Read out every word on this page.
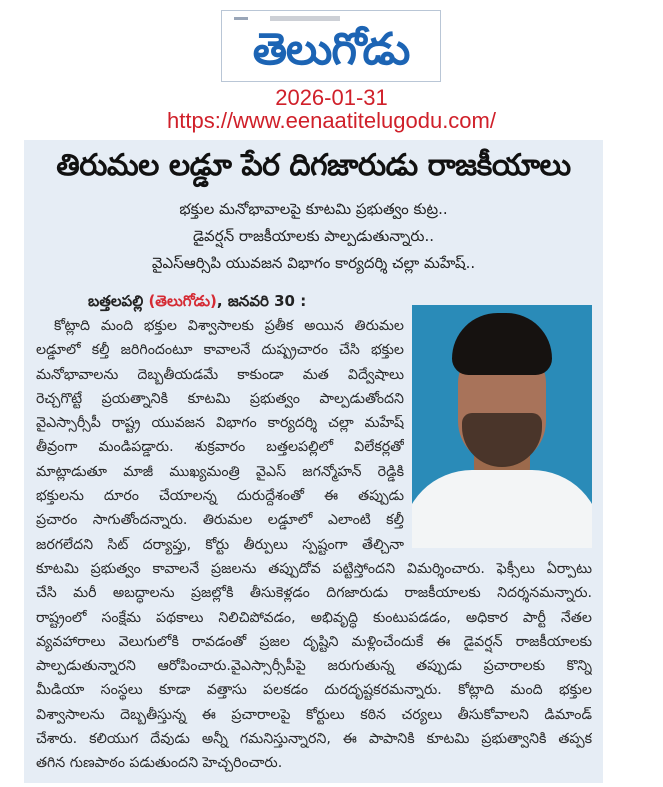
తెలుగోడు
2026-01-31
https://www.eenaatitelugodu.com/
తిరుమల లడ్డూ పేర దిగజారుడు రాజకీయాలు
భక్తుల మనోభావాలపై కూటమి ప్రభుత్వం కుట్ర..
డైవర్షన్ రాజకీయాలకు పాల్పడుతున్నారు..
వైఎస్ఆర్సిపి యువజన విభాగం కార్యదర్శి చల్లా మహేష్..
బత్తలపల్లి (తెలుగోడు), జనవరి 30 :
కోట్లాది మంది భక్తుల విశ్వాసాలకు ప్రతీక అయిన తిరుమల
లడ్డూలో కల్తీ జరిగిందంటూ కావాలనే దుష్ప్రచారం చేసి భక్తుల
మనోభావాలను దెబ్బతీయడమే కాకుండా మత విద్వేషాలు
రెచ్చగొట్టే ప్రయత్నానికి కూటమి ప్రభుత్వం పాల్పడుతోందని
వైఎస్సార్సీపీ రాష్ట్ర యువజన విభాగం కార్యదర్శి చల్లా మహేష్
తీవ్రంగా మండిపడ్డారు. శుక్రవారం బత్తలపల్లిలో విలేకర్లతో
మాట్లాడుతూ మాజీ ముఖ్యమంత్రి వైఎస్ జగన్మోహన్ రెడ్డికి
భక్తులను దూరం చేయాలన్న దురుద్దేశంతో ఈ తప్పుడు
ప్రచారం సాగుతోందన్నారు. తిరుమల లడ్డూలో ఎలాంటి కల్తీ
జరగలేదని సిట్ దర్యాప్తు, కోర్టు తీర్పులు స్పష్టంగా తేల్చినా
కూటమి ప్రభుత్వం కావాలనే ప్రజలను తప్పుదోవ పట్టిస్తోందని విమర్శించారు. ఫెక్సీలు ఏర్పాటు
చేసి మరీ అబద్ధాలను ప్రజల్లోకి తీసుకెళ్లడం దిగజారుడు రాజకీయాలకు నిదర్శనమన్నారు.
రాష్ట్రంలో సంక్షేమ పథకాలు నిలిచిపోవడం, అభివృద్ధి కుంటుపడడం, అధికార పార్టీ నేతల
వ్యవహారాలు వెలుగులోకి రావడంతో ప్రజల దృష్టిని మళ్లించేందుకే ఈ డైవర్షన్ రాజకీయాలకు
పాల్పడుతున్నారని ఆరోపించారు.వైఎస్సార్సీపీపై జరుగుతున్న తప్పుడు ప్రచారాలకు కొన్ని
మీడియా సంస్థలు కూడా వత్తాసు పలకడం దురదృష్టకరమన్నారు. కోట్లాది మంది భక్తుల
విశ్వాసాలను దెబ్బతీస్తున్న ఈ ప్రచారాలపై కోర్టులు కఠిన చర్యలు తీసుకోవాలని డిమాండ్
చేశారు. కలియుగ దేవుడు అన్నీ గమనిస్తున్నారని, ఈ పాపానికి కూటమి ప్రభుత్వానికి తప్పక
తగిన గుణపాఠం పడుతుందని హెచ్చరించారు.
